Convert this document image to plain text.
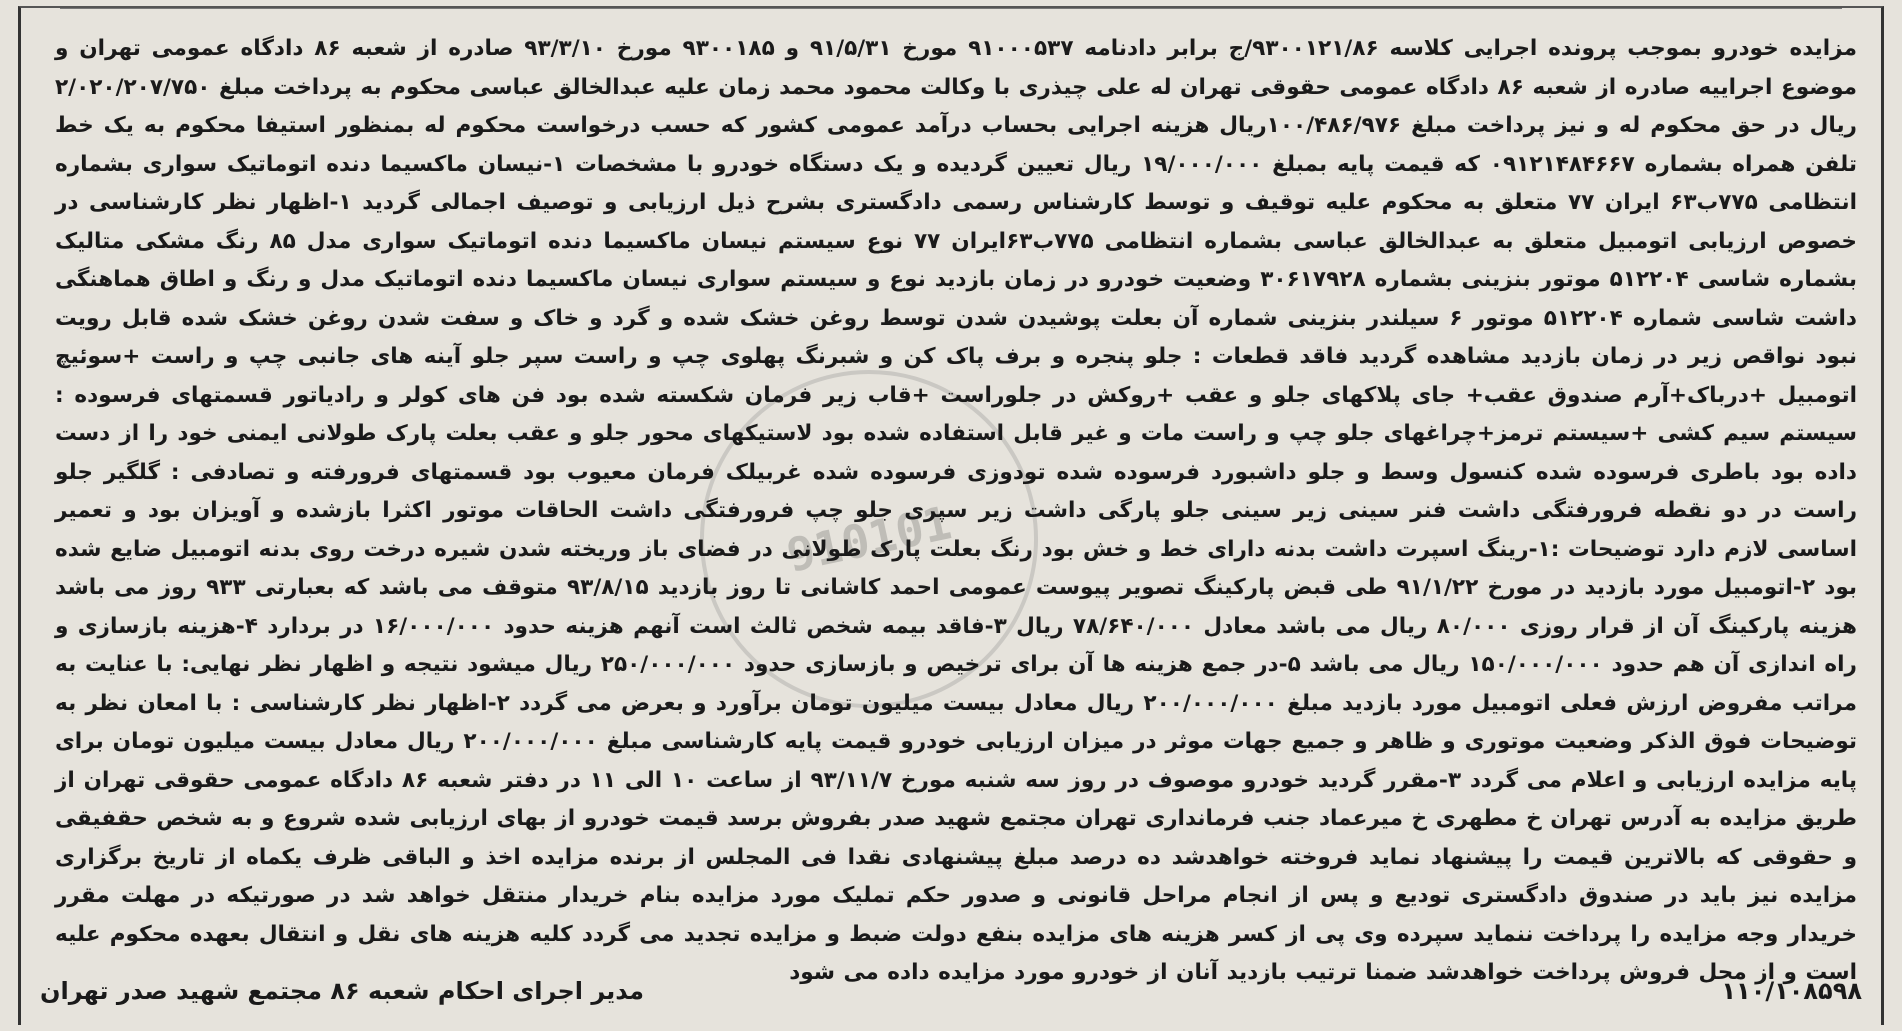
910101
مزایده خودرو بموجب پرونده اجرایی کلاسه ۹۳۰۰۱۲۱/۸۶/ج برابر دادنامه ۹۱۰۰۰۵۳۷ مورخ ۹۱/۵/۳۱ و ۹۳۰۰۱۸۵ مورخ ۹۳/۳/۱۰ صادره از شعبه ۸۶ دادگاه عمومی تهران و موضوع اجراییه صادره از شعبه ۸۶ دادگاه عمومی حقوقی تهران له علی چیذری با وکالت محمود محمد زمان علیه عبدالخالق عباسی محکوم به پرداخت مبلغ ۲/۰۲۰/۲۰۷/۷۵۰ ریال در حق محکوم له و نیز پرداخت مبلغ ۱۰۰/۴۸۶/۹۷۶ریال هزینه اجرایی بحساب درآمد عمومی کشور که حسب درخواست محکوم له بمنظور استیفا محکوم به یک خط تلفن همراه بشماره ۰۹۱۲۱۴۸۴۶۶۷ که قیمت پایه بمبلغ ۱۹/۰۰۰/۰۰۰ ریال تعیین گردیده و یک دستگاه خودرو با مشخصات ۱-نیسان ماکسیما دنده اتوماتیک سواری بشماره انتظامی ۷۷۵ب۶۳ ایران ۷۷ متعلق به محکوم علیه توقیف و توسط کارشناس رسمی دادگستری بشرح ذیل ارزیابی و توصیف اجمالی گردید ۱-اظهار نظر کارشناسی در خصوص ارزیابی اتومبیل متعلق به عبدالخالق عباسی بشماره انتظامی ۷۷۵ب۶۳ایران ۷۷ نوع سیستم نیسان ماکسیما دنده اتوماتیک سواری مدل ۸۵ رنگ مشکی متالیک بشماره شاسی ۵۱۲۲۰۴ موتور بنزینی بشماره ۳۰۶۱۷۹۲۸ وضعیت خودرو در زمان بازدید نوع و سیستم سواری نیسان ماکسیما دنده اتوماتیک مدل و رنگ و اطاق هماهنگی داشت شاسی شماره ۵۱۲۲۰۴ موتور ۶ سیلندر بنزینی شماره آن بعلت پوشیدن شدن توسط روغن خشک شده و گرد و خاک و سفت شدن روغن خشک شده قابل رویت نبود نواقص زیر در زمان بازدید مشاهده گردید فاقد قطعات : جلو پنجره و برف پاک کن و شبرنگ پهلوی چپ و راست سپر جلو آینه های جانبی چپ و راست +سوئیچ اتومبیل +درباک+آرم صندوق عقب+ جای پلاکهای جلو و عقب +روکش در جلوراست +قاب زیر فرمان شکسته شده بود فن های کولر و رادیاتور قسمتهای فرسوده : سیستم سیم کشی +سیستم ترمز+چراغهای جلو چپ و راست مات و غیر قابل استفاده شده بود لاستیکهای محور جلو و عقب بعلت پارک طولانی ایمنی خود را از دست داده بود باطری فرسوده شده کنسول وسط و جلو داشبورد فرسوده شده تودوزی فرسوده شده غربیلک فرمان معیوب بود قسمتهای فرورفته و تصادفی : گلگیر جلو راست در دو نقطه فرورفتگی داشت فنر سینی زیر سینی جلو پارگی داشت زیر سپری جلو چپ فرورفتگی داشت الحاقات موتور اکثرا بازشده و آویزان بود و تعمیر اساسی لازم دارد توضیحات :۱-رینگ اسپرت داشت بدنه دارای خط و خش بود رنگ بعلت پارک طولانی در فضای باز وریخته شدن شیره درخت روی بدنه اتومبیل ضایع شده بود ۲-اتومبیل مورد بازدید در مورخ ۹۱/۱/۲۲ طی قبض پارکینگ تصویر پیوست عمومی احمد کاشانی تا روز بازدید ۹۳/۸/۱۵ متوقف می باشد که بعبارتی ۹۳۳ روز می باشد هزینه پارکینگ آن از قرار روزی ۸۰/۰۰۰ ریال می باشد معادل ۷۸/۶۴۰/۰۰۰ ریال ۳-فاقد بیمه شخص ثالث است آنهم هزینه حدود ۱۶/۰۰۰/۰۰۰ در بردارد ۴-هزینه بازسازی و راه اندازی آن هم حدود ۱۵۰/۰۰۰/۰۰۰ ریال می باشد ۵-در جمع هزینه ها آن برای ترخیص و بازسازی حدود ۲۵۰/۰۰۰/۰۰۰ ریال میشود نتیجه و اظهار نظر نهایی: با عنایت به مراتب مفروض ارزش فعلی اتومبیل مورد بازدید مبلغ ۲۰۰/۰۰۰/۰۰۰ ریال معادل بیست میلیون تومان برآورد و بعرض می گردد ۲-اظهار نظر کارشناسی : با امعان نظر به توضیحات فوق الذکر وضعیت موتوری و ظاهر و جمیع جهات موثر در میزان ارزیابی خودرو قیمت پایه کارشناسی مبلغ ۲۰۰/۰۰۰/۰۰۰ ریال معادل بیست میلیون تومان برای پایه مزایده ارزیابی و اعلام می گردد ۳-مقرر گردید خودرو موصوف در روز سه شنبه مورخ ۹۳/۱۱/۷ از ساعت ۱۰ الی ۱۱ در دفتر شعبه ۸۶ دادگاه عمومی حقوقی تهران از طریق مزایده به آدرس تهران خ مطهری خ میرعماد جنب فرمانداری تهران مجتمع شهید صدر بفروش برسد قیمت خودرو از بهای ارزیابی شده شروع و به شخص حقفیقی و حقوقی که بالاترین قیمت را پیشنهاد نماید فروخته خواهدشد ده درصد مبلغ پیشنهادی نقدا فی المجلس از برنده مزایده اخذ و الباقی ظرف یکماه از تاریخ برگزاری مزایده نیز باید در صندوق دادگستری تودیع و پس از انجام مراحل قانونی و صدور حکم تملیک مورد مزایده بنام خریدار منتقل خواهد شد در صورتیکه در مهلت مقرر خریدار وجه مزایده را پرداخت ننماید سپرده وی پی از کسر هزینه های مزایده بنفع دولت ضبط و مزایده تجدید می گردد کلیه هزینه های نقل و انتقال بعهده محکوم علیه است و از محل فروش پرداخت خواهدشد ضمنا ترتیب بازدید آنان از خودرو مورد مزایده داده می شود
۱۱۰/۱۰۸۵۹۸
مدیر اجرای احکام شعبه ۸۶ مجتمع شهید صدر تهران
